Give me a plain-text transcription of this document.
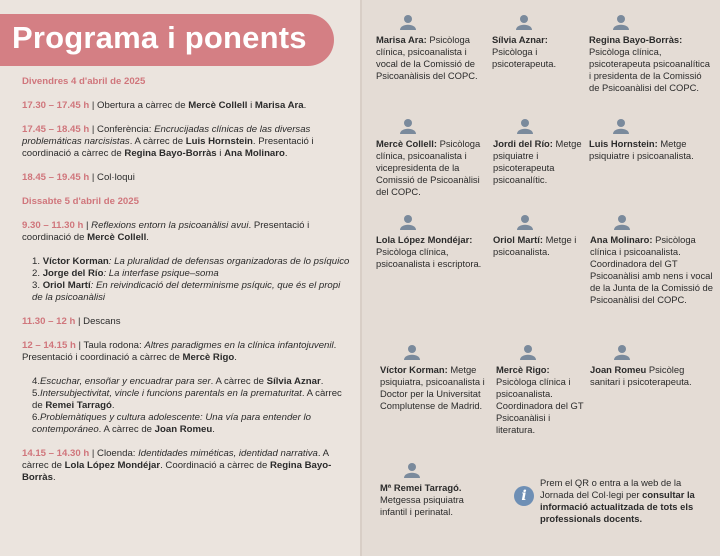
Programa i ponents
Divendres 4 d'abril de 2025

17.30 – 17.45 h | Obertura a càrrec de Mercè Collell i Marisa Ara.

17.45 – 18.45 h | Conferència: Encrucijadas clínicas de las diversas problemáticas narcisistas. A càrrec de Luis Hornstein. Presentació i coordinació a càrrec de Regina Bayo-Borràs i Ana Molinaro.

18.45 – 19.45 h | Col·loqui

Dissabte 5 d'abril de 2025

9.30 – 11.30 h | Reflexions entorn la psicoanàlisi avui. Presentació i coordinació de Mercè Collell.

1. Víctor Korman: La pluralidad de defensas organizadoras de lo psíquico
2. Jorge del Río: La interfase psique–soma
3. Oriol Martí: En reivindicació del determinisme psíquic, que és el propi de la psicoanàlisi

11.30 – 12 h | Descans

12 – 14.15 h | Taula rodona: Altres paradigmes en la clínica infantojuvenil. Presentació i coordinació a càrrec de Mercè Rigo.

4.Escuchar, ensoñar y encuadrar para ser. A càrrec de Sílvia Aznar.
5.Intersubjectivitat, vincle i funcions parentals en la prematuritat. A càrrec de Remei Tarragó.
6.Problemàtiques y cultura adolescente: Una vía para entender lo contemporáneo. A càrrec de Joan Romeu.

14.15 – 14.30 h | Cloenda: Identidades miméticas, identidad narrativa. A càrrec de Lola López Mondéjar. Coordinació a càrrec de Regina Bayo-Borràs.

Marisa Ara: Psicòloga clínica, psicoanalista i vocal de la Comissió de Psicoanàlisis del COPC.
Sílvia Aznar: Psicòloga i psicoterapeuta.
Regina Bayo-Borràs: Psicòloga clínica, psicoterapeuta psicoanalítica i presidenta de la Comissió de Psicoanàlisi del COPC.
Mercè Collell: Psicòloga clínica, psicoanalista i vicepresidenta de la Comissió de Psicoanàlisi del COPC.
Jordi del Río: Metge psiquiatre i psicoterapeuta psicoanalític.
Luis Hornstein: Metge psiquiatre i psicoanalista.
Lola López Mondéjar: Psicòloga clínica, psicoanalista i escriptora.
Oriol Martí: Metge i psicoanalista.
Ana Molinaro: Psicòloga clínica i psicoanalista. Coordinadora del GT Psicoanàlisi amb nens i vocal de la Junta de la Comissió de Psicoanàlisi del COPC.
Víctor Korman: Metge psiquiatra, psicoanalista i Doctor per la Universitat Complutense de Madrid.
Mercè Rigo: Psicòloga clínica i psicoanalista. Coordinadora del GT Psicoanàlisi i literatura.
Joan Romeu Psicòleg sanitari i psicoterapeuta.
Mª Remei Tarragó. Metgessa psiquiatra infantil i perinatal.
i
Prem el QR o entra a la web de la Jornada del Col·legi per consultar la informació actualitzada de tots els professionals docents.
